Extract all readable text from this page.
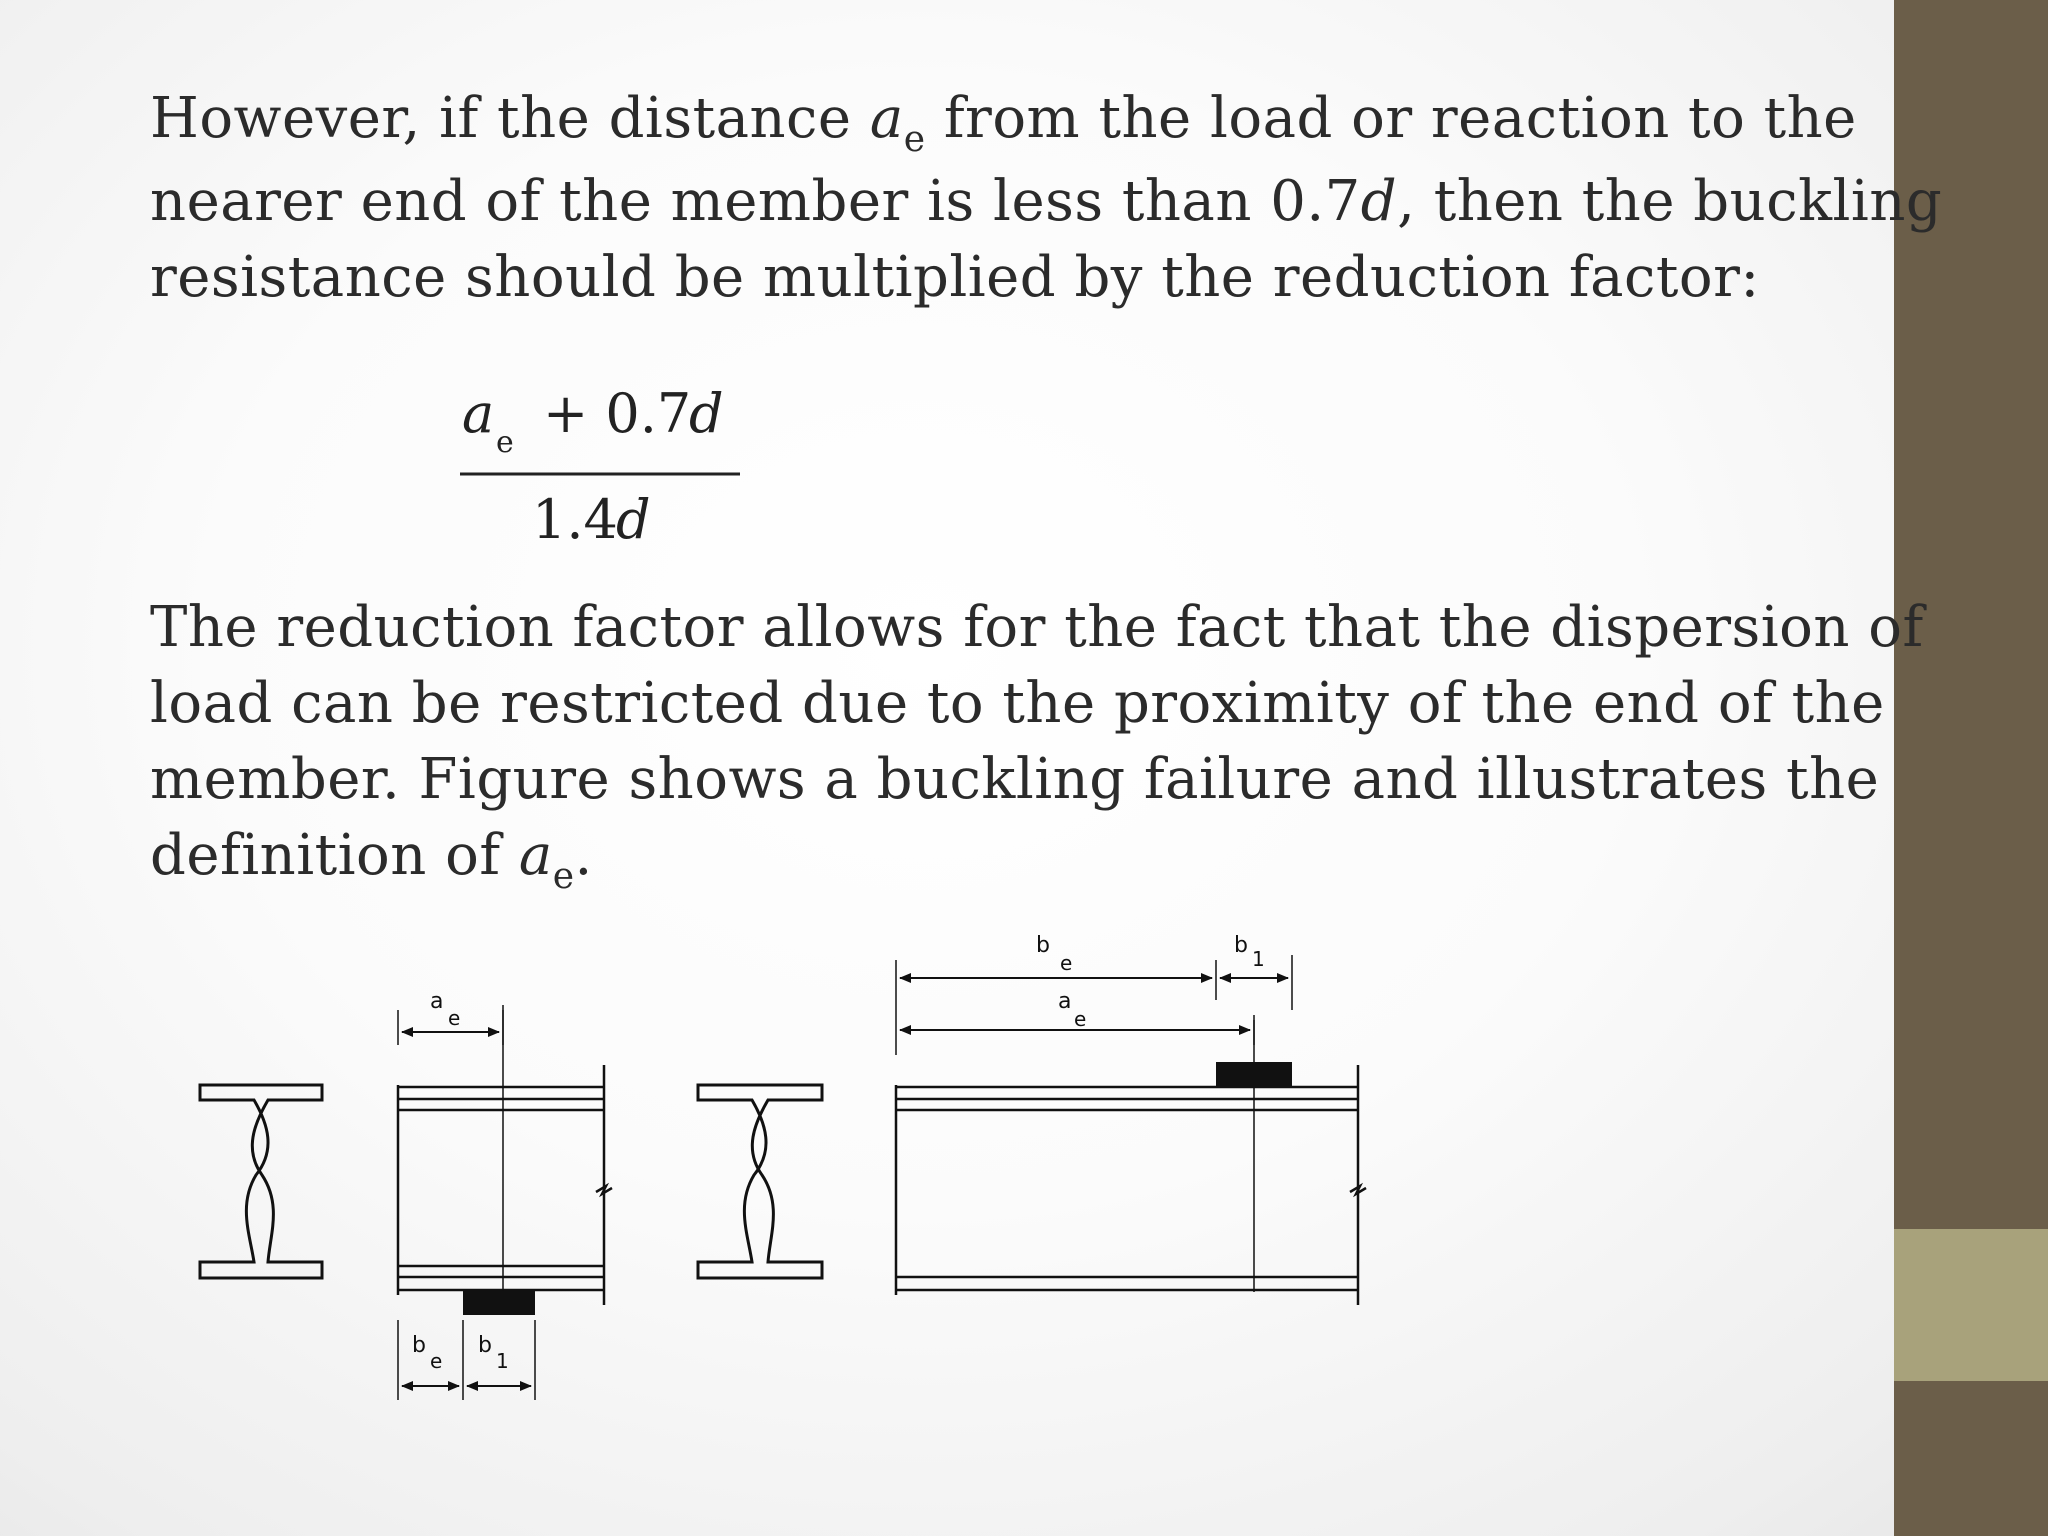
However, if the distance $a_e$ from the load or reaction to the
nearer end of the member is less than 0.7d, then the buckling
resistance should be multiplied by the reduction factor:

a e + 0.7
d
1.4
d

The reduction factor allows for the fact that the dispersion of
load can be restricted due to the proximity of the end of the
member. Figure shows a buckling failure and illustrates the
definition of $a_e$.

a
e
b
e
b
1
b
e
b
1
a
e
